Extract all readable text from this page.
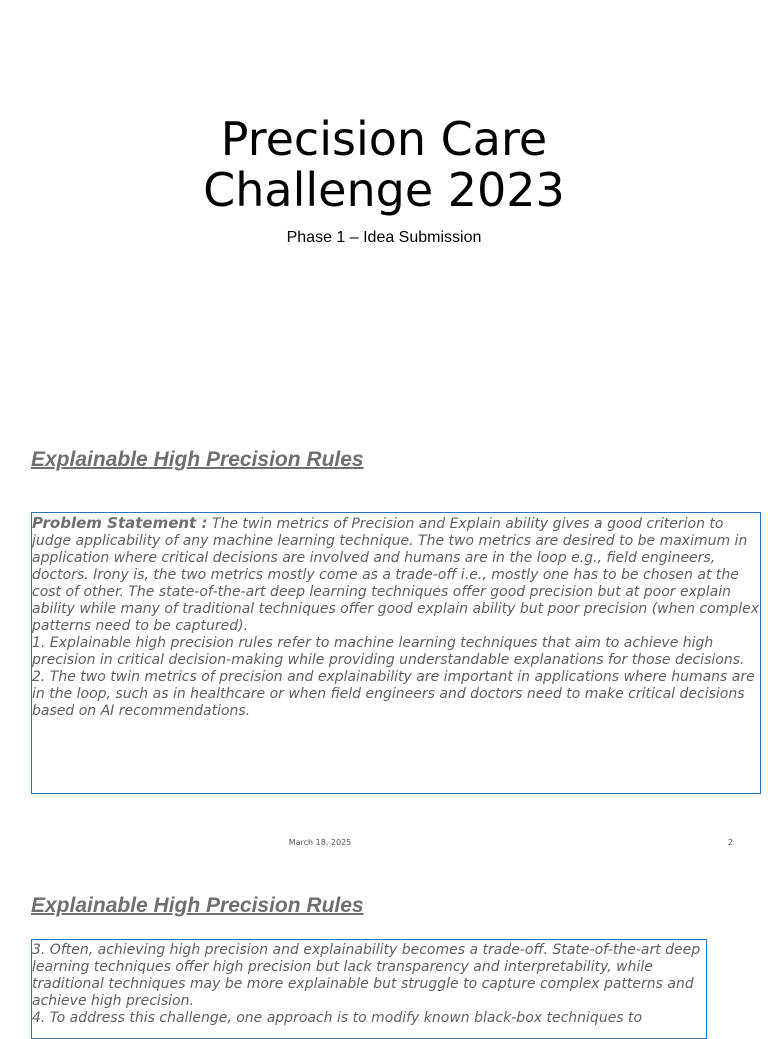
Precision Care
Challenge 2023
Phase 1 – Idea Submission
Explainable High Precision Rules

Problem Statement : The twin metrics of Precision and Explain ability gives a good criterion to judge applicability of any machine learning technique. The two metrics are desired to be maximum in application where critical decisions are involved and humans are in the loop e.g., field engineers, doctors. Irony is, the two metrics mostly come as a trade-off i.e., mostly one has to be chosen at the cost of other. The state-of-the-art deep learning techniques offer good precision but at poor explain ability while many of traditional techniques offer good explain ability but poor precision (when complex patterns need to be captured).

1. Explainable high precision rules refer to machine learning techniques that aim to achieve high precision in critical decision-making while providing understandable explanations for those decisions.

2. The two twin metrics of precision and explainability are important in applications where humans are in the loop, such as in healthcare or when field engineers and doctors need to make critical decisions based on AI recommendations.

March 18, 2025	2
Explainable High Precision Rules

3. Often, achieving high precision and explainability becomes a trade-off. State-of-the-art deep learning techniques offer high precision but lack transparency and interpretability, while traditional techniques may be more explainable but struggle to capture complex patterns and achieve high precision.

4. To address this challenge, one approach is to modify known black-box techniques to
